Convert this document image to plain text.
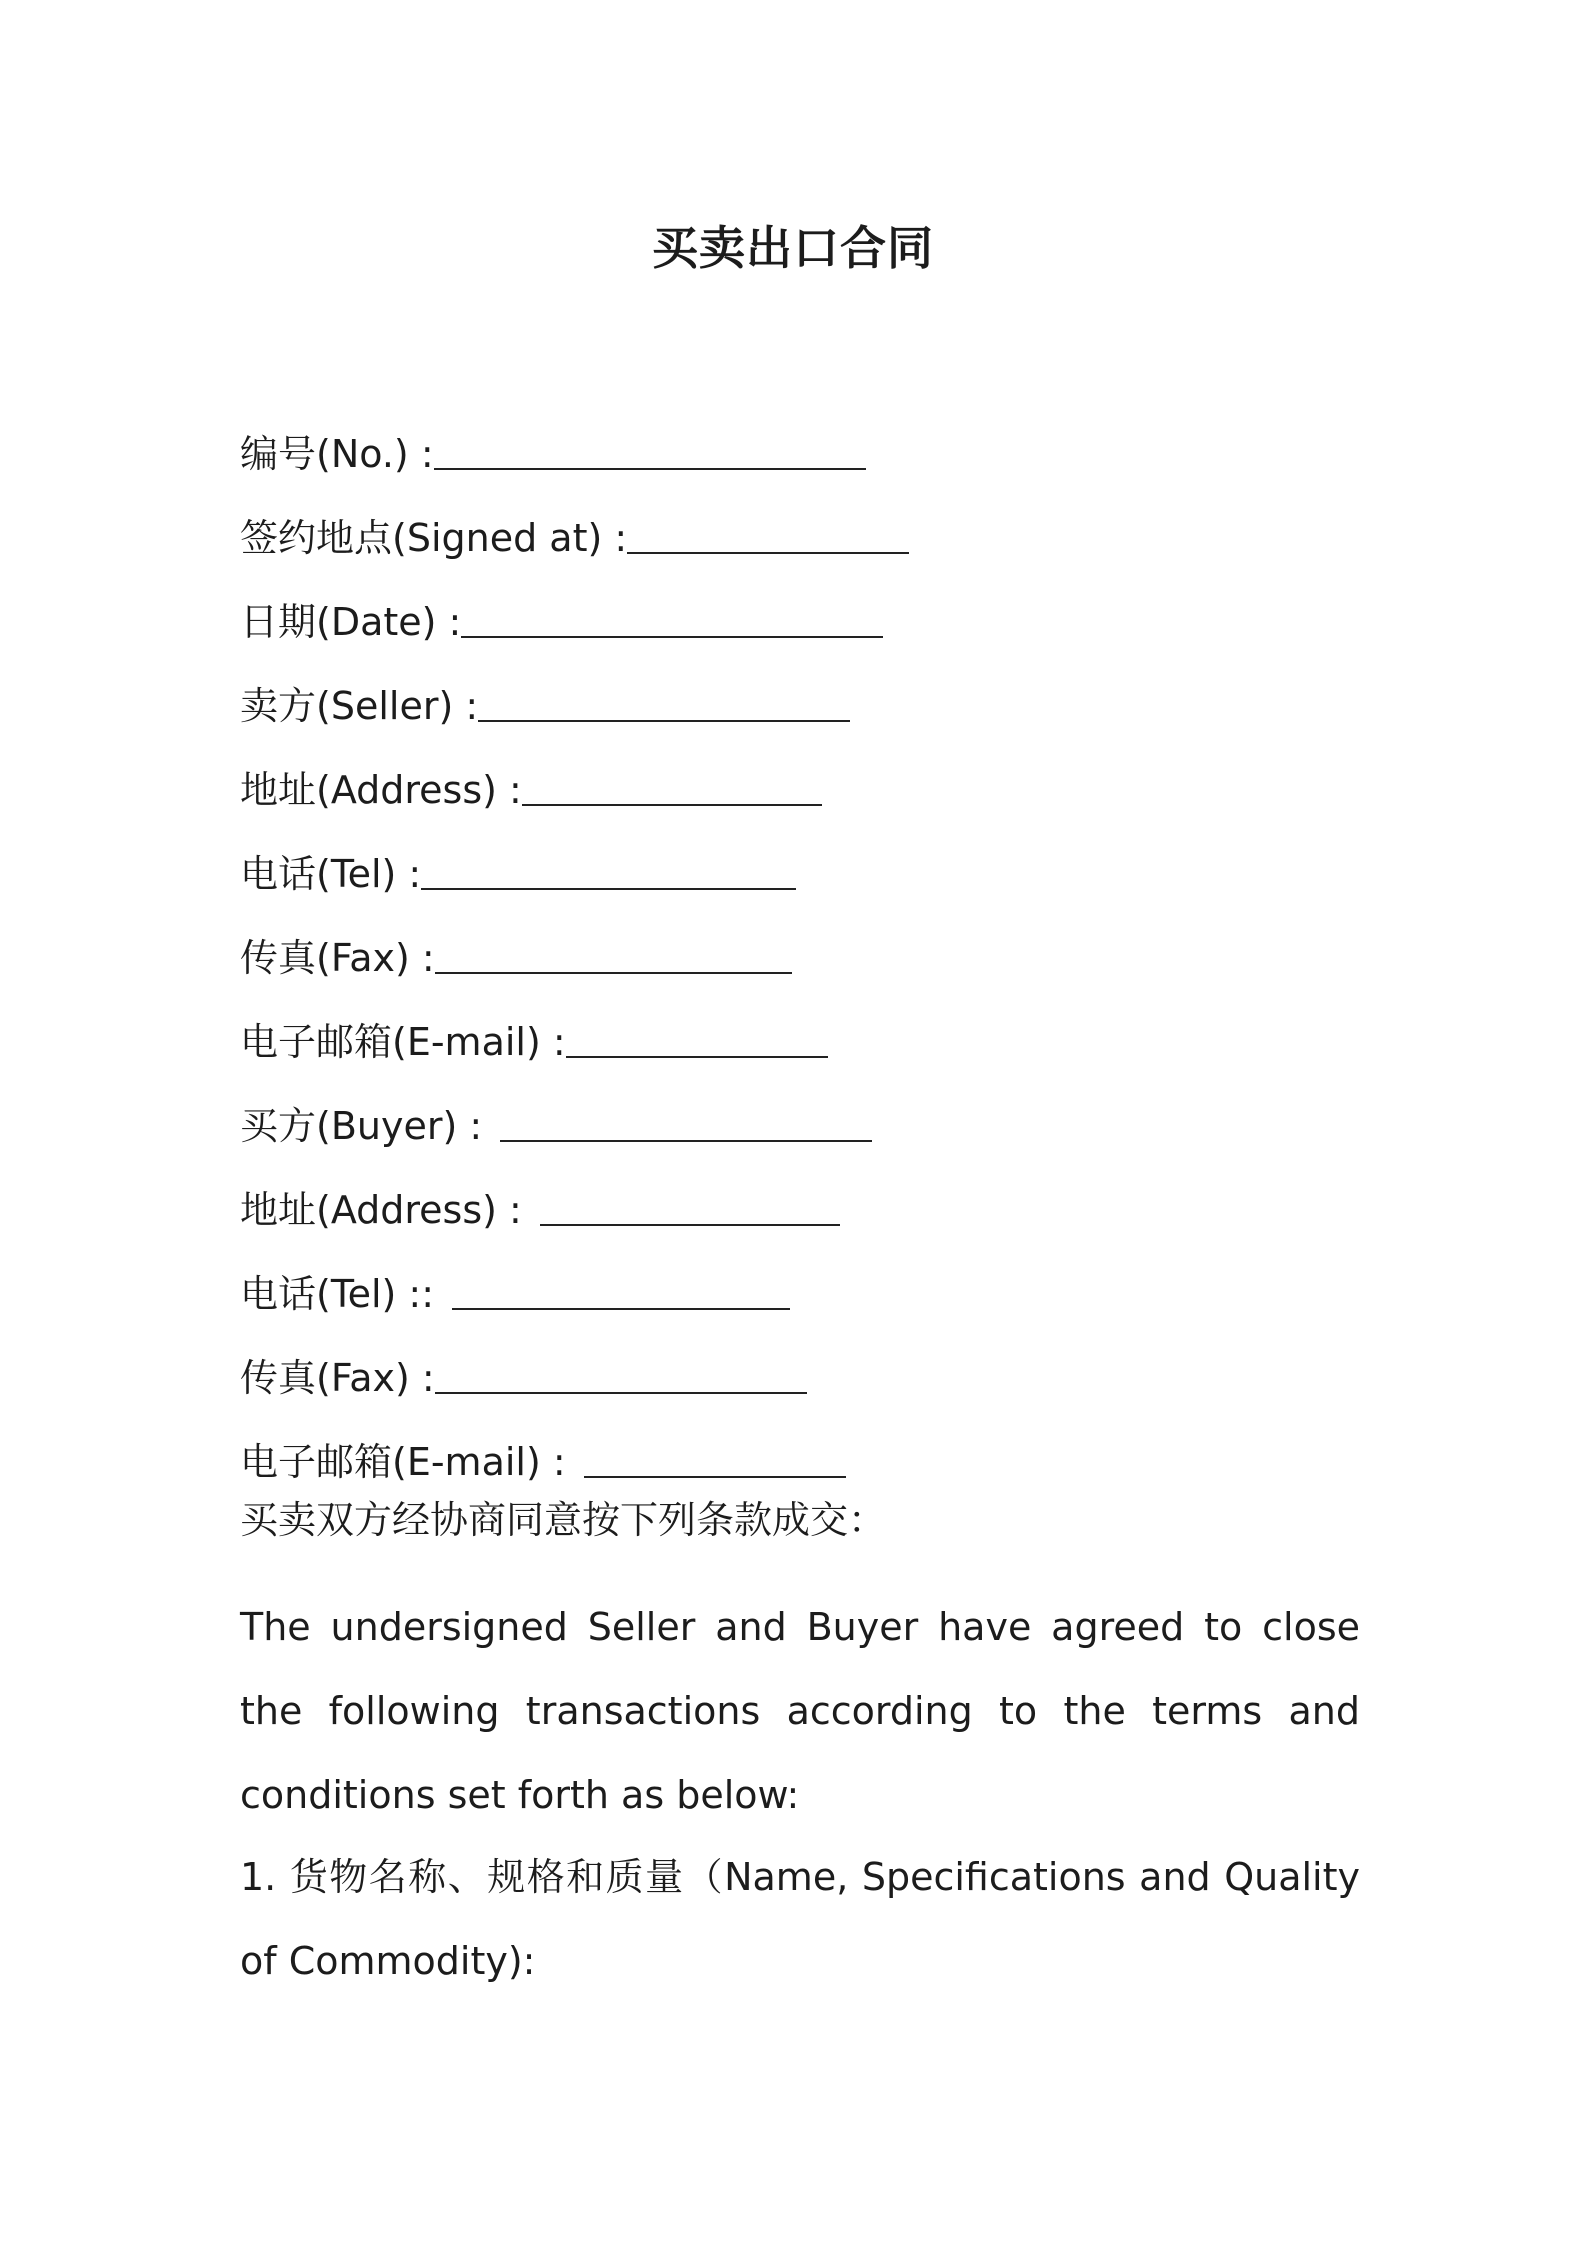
买卖出口合同
编号(No.) :
签约地点(Signed at) :
日期(Date) :
卖方(Seller) :
地址(Address) :
电话(Tel) :
传真(Fax) :
电子邮箱(E-mail) :
买方(Buyer) :
地址(Address) :
电话(Tel) ::
传真(Fax) :
电子邮箱(E-mail) :
买卖双方经协商同意按下列条款成交：
The undersigned Seller and Buyer have agreed to close the following transactions according to the terms and conditions set forth as below:
1. 货物名称、规格和质量（Name, Specifications and Quality of Commodity):
